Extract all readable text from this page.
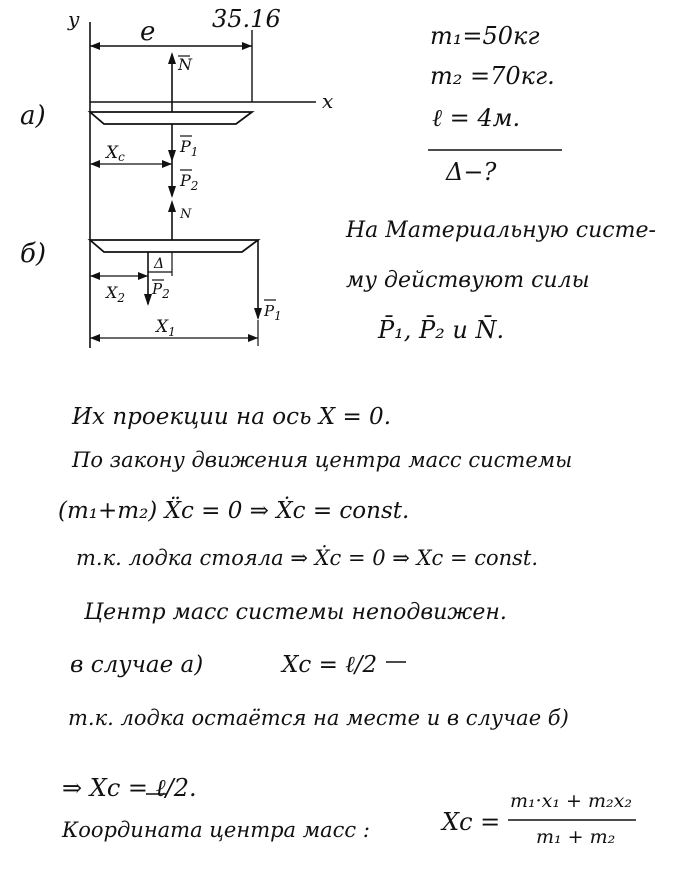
35.16
y e
x
a)
N
$P_1$
$P_2$
Xc
б)
N
$P_2$
Δ
$P_1$
$X_2$
$X_1$
m₁=50кг
m₂ =70кг.
ℓ = 4м.
Δ−?
На Материальную систе-
му действуют силы
P̄₁, P̄₂ и N̄.
Их проекции на ось X = 0.
По закону движения центра масс системы
(m₁+m₂) Ẍc = 0 ⇒ Ẋc = const.
т.к. лодка стояла ⇒ Ẋc = 0 ⇒ Xc = const.
Центр масс системы неподвижен.
в случае a)	Xc = ℓ/2
т.к. лодка остаётся на месте и в случае б)
⇒ Xc = ℓ/2.
Координата центра масс :	Xc =
m₁·x₁ + m₂x₂
m₁ + m₂
